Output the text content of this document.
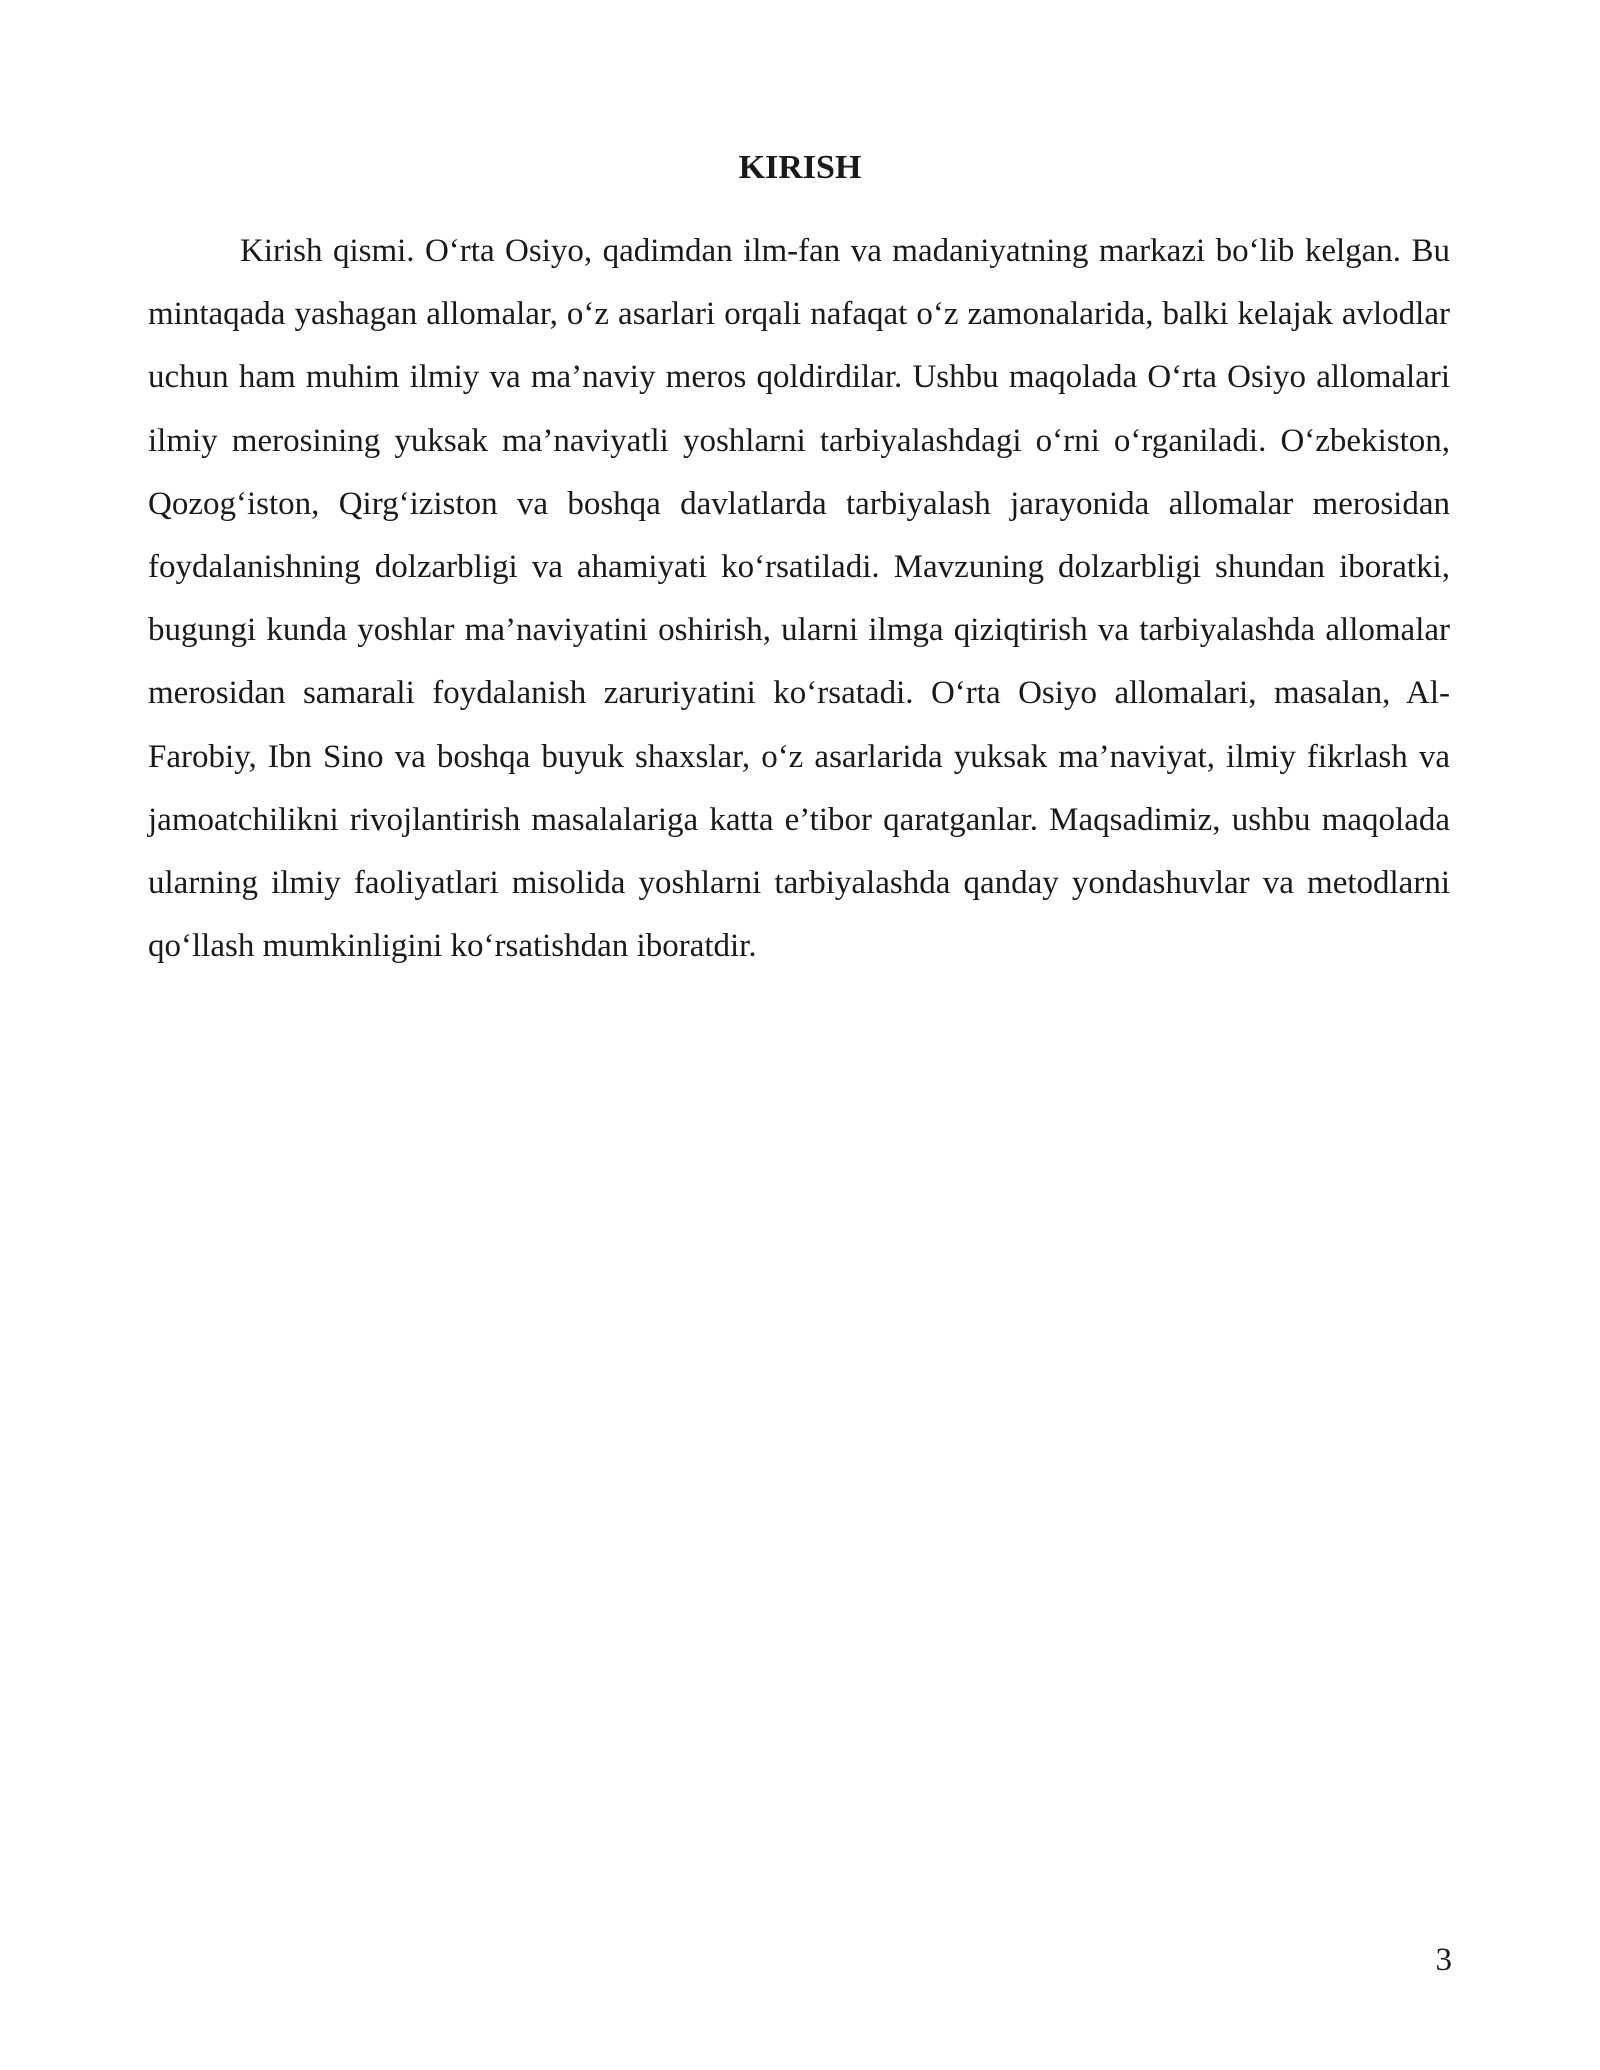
KIRISH

Kirish qismi. O‘rta Osiyo, qadimdan ilm-fan va madaniyatning markazi bo‘lib kelgan. Bu mintaqada yashagan allomalar, o‘z asarlari orqali nafaqat o‘z zamonalarida, balki kelajak avlodlar uchun ham muhim ilmiy va ma’naviy meros qoldirdilar. Ushbu maqolada O‘rta Osiyo allomalari ilmiy merosining yuksak ma’naviyatli yoshlarni tarbiyalashdagi o‘rni o‘rganiladi. O‘zbekiston, Qozog‘iston, Qirg‘iziston va boshqa davlatlarda tarbiyalash jarayonida allomalar merosidan foydalanishning dolzarbligi va ahamiyati ko‘rsatiladi. Mavzuning dolzarbligi shundan iboratki, bugungi kunda yoshlar ma’naviyatini oshirish, ularni ilmga qiziqtirish va tarbiyalashda allomalar merosidan samarali foydalanish zaruriyatini ko‘rsatadi. O‘rta Osiyo allomalari, masalan, Al-Farobiy, Ibn Sino va boshqa buyuk shaxslar, o‘z asarlarida yuksak ma’naviyat, ilmiy fikrlash va jamoatchilikni rivojlantirish masalalariga katta e’tibor qaratganlar. Maqsadimiz, ushbu maqolada ularning ilmiy faoliyatlari misolida yoshlarni tarbiyalashda qanday yondashuvlar va metodlarni qo‘llash mumkinligini ko‘rsatishdan iboratdir.

3
